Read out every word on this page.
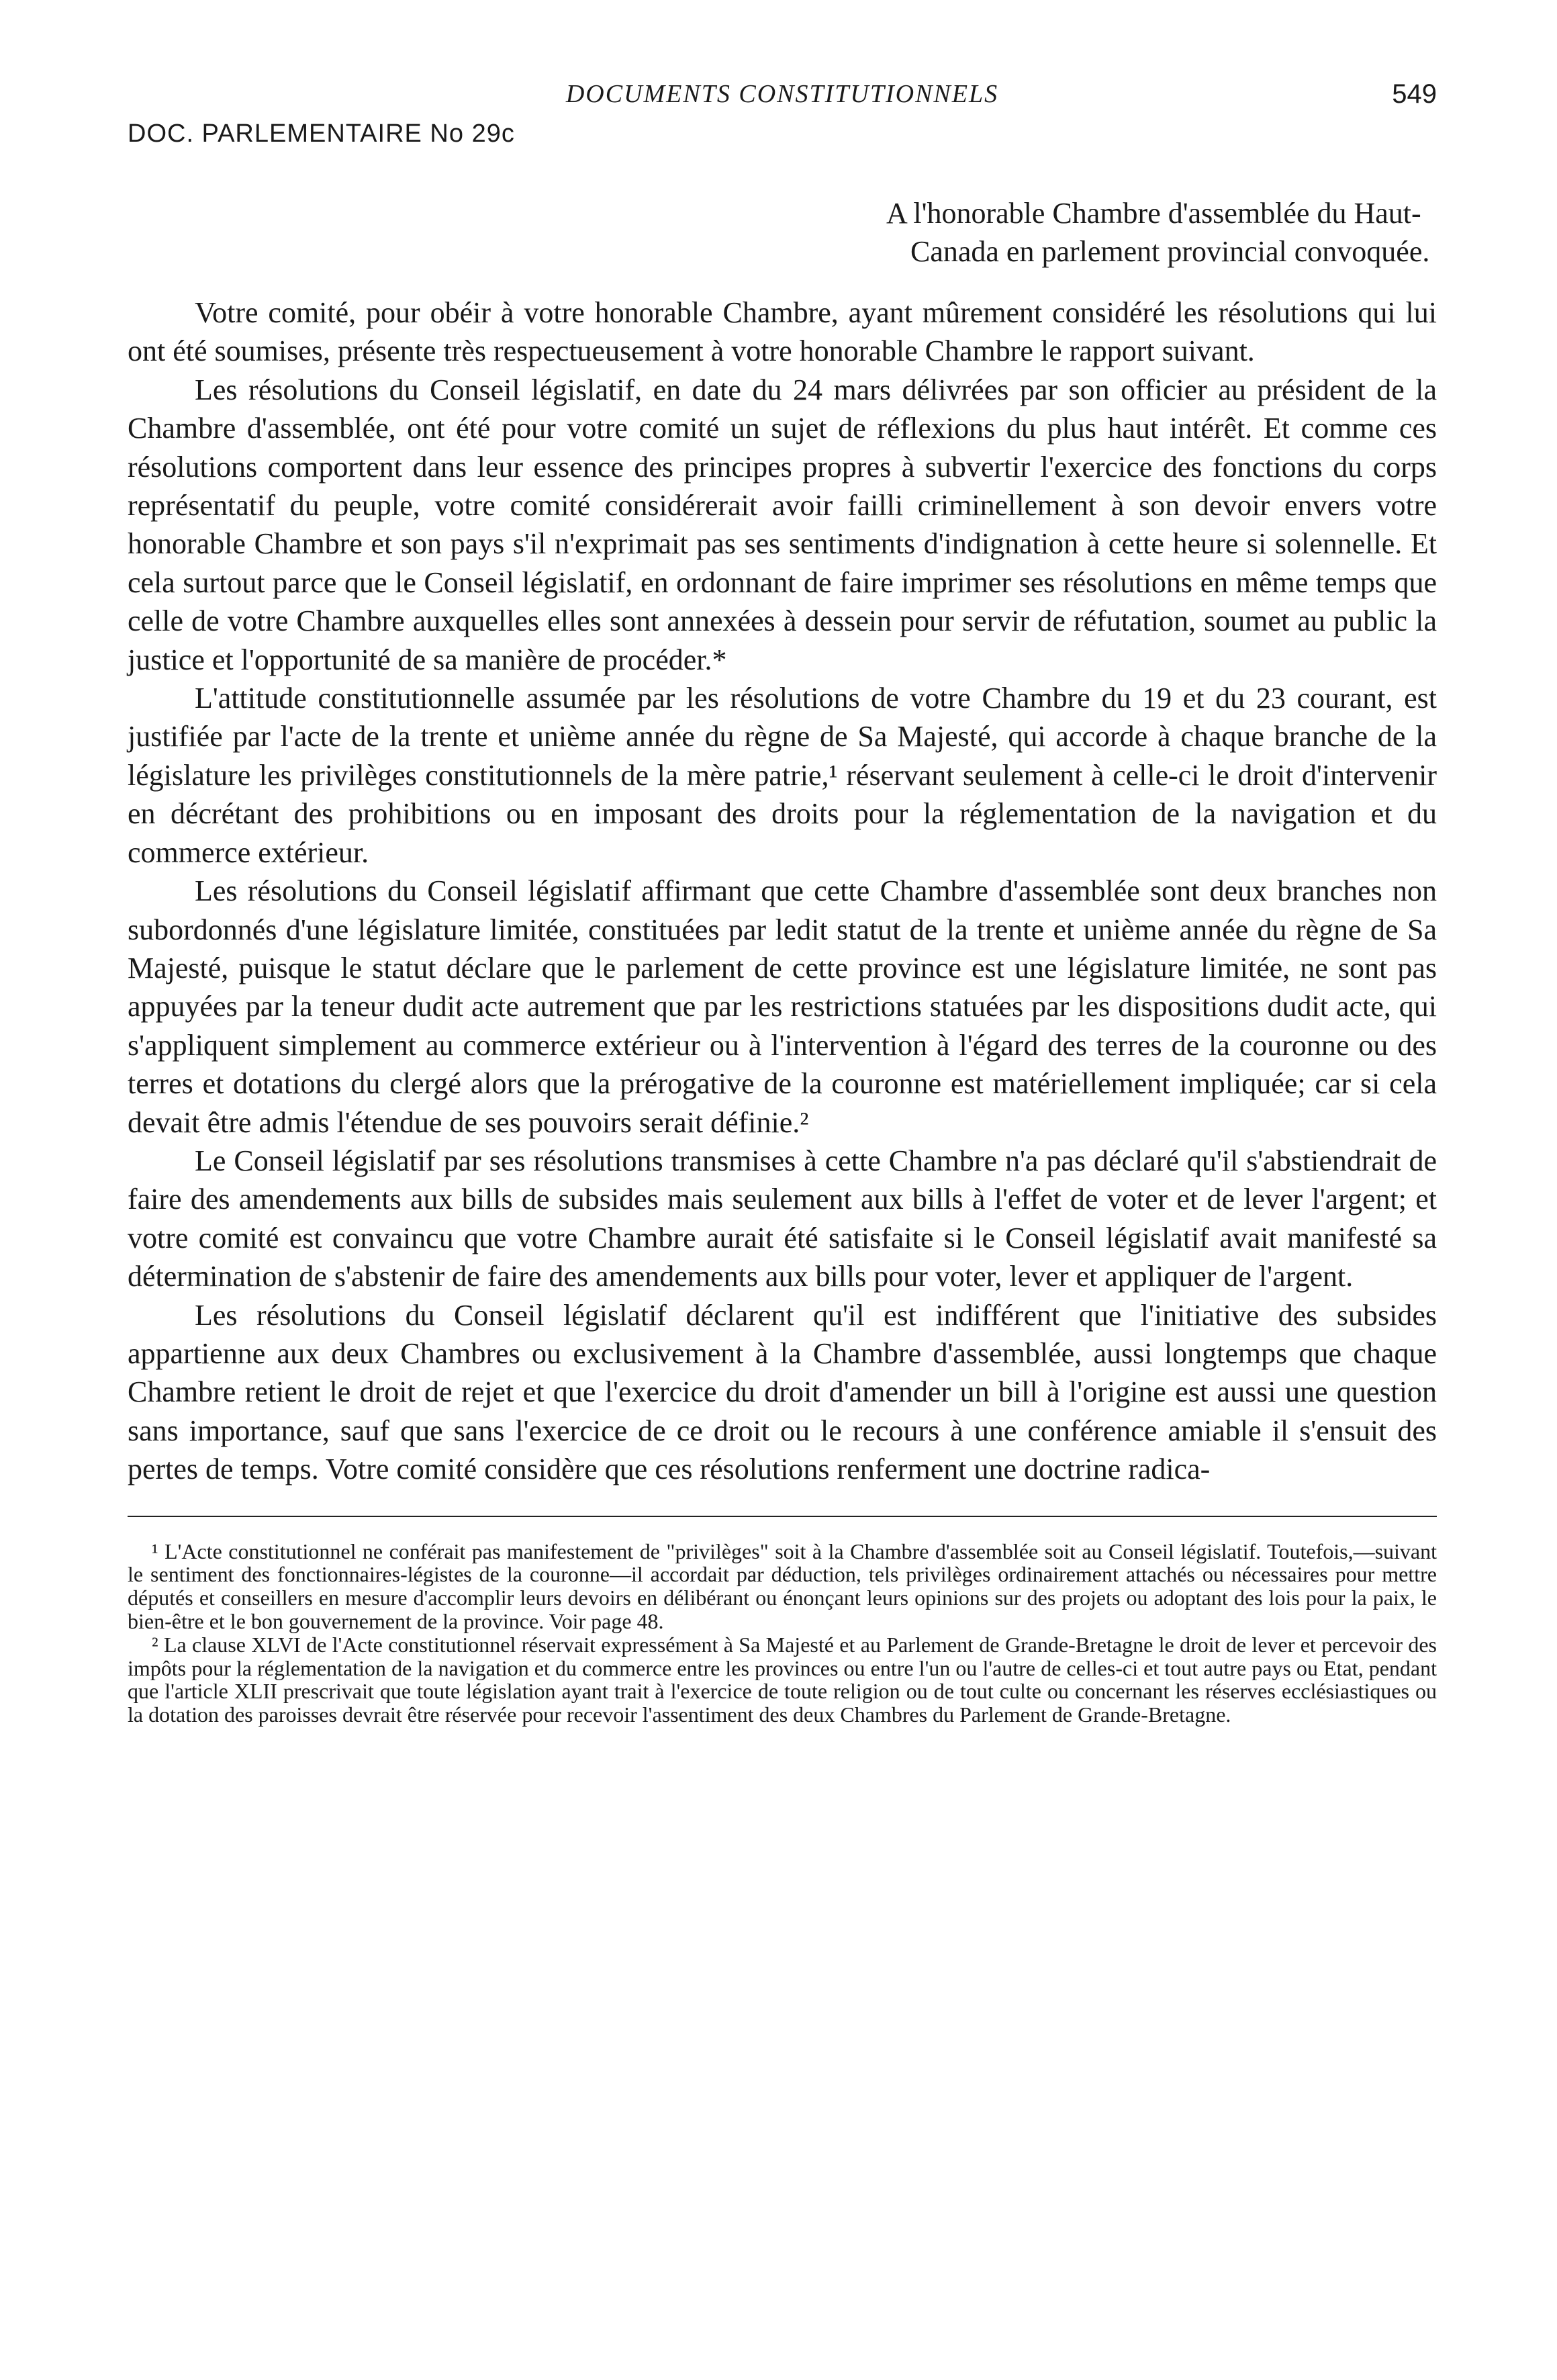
DOCUMENTS CONSTITUTIONNELS	549
DOC. PARLEMENTAIRE No 29c
A l'honorable Chambre d'assemblée du Haut-Canada en parlement provincial convoquée.

Votre comité, pour obéir à votre honorable Chambre, ayant mûrement considéré les résolutions qui lui ont été soumises, présente très respectueusement à votre honorable Chambre le rapport suivant.

Les résolutions du Conseil législatif, en date du 24 mars délivrées par son officier au président de la Chambre d'assemblée, ont été pour votre comité un sujet de réflexions du plus haut intérêt. Et comme ces résolutions comportent dans leur essence des principes propres à subvertir l'exercice des fonctions du corps représentatif du peuple, votre comité considérerait avoir failli criminellement à son devoir envers votre honorable Chambre et son pays s'il n'exprimait pas ses sentiments d'indignation à cette heure si solennelle. Et cela surtout parce que le Conseil législatif, en ordonnant de faire imprimer ses résolutions en même temps que celle de votre Chambre auxquelles elles sont annexées à dessein pour servir de réfutation, soumet au public la justice et l'opportunité de sa manière de procéder.*

L'attitude constitutionnelle assumée par les résolutions de votre Chambre du 19 et du 23 courant, est justifiée par l'acte de la trente et unième année du règne de Sa Majesté, qui accorde à chaque branche de la législature les privilèges constitutionnels de la mère patrie,¹ réservant seulement à celle-ci le droit d'intervenir en décrétant des prohibitions ou en imposant des droits pour la réglementation de la navigation et du commerce extérieur.

Les résolutions du Conseil législatif affirmant que cette Chambre d'assemblée sont deux branches non subordonnés d'une législature limitée, constituées par ledit statut de la trente et unième année du règne de Sa Majesté, puisque le statut déclare que le parlement de cette province est une législature limitée, ne sont pas appuyées par la teneur dudit acte autrement que par les restrictions statuées par les dispositions dudit acte, qui s'appliquent simplement au commerce extérieur ou à l'intervention à l'égard des terres de la couronne ou des terres et dotations du clergé alors que la prérogative de la couronne est matériellement impliquée; car si cela devait être admis l'étendue de ses pouvoirs serait définie.²

Le Conseil législatif par ses résolutions transmises à cette Chambre n'a pas déclaré qu'il s'abstiendrait de faire des amendements aux bills de subsides mais seulement aux bills à l'effet de voter et de lever l'argent; et votre comité est convaincu que votre Chambre aurait été satisfaite si le Conseil législatif avait manifesté sa détermination de s'abstenir de faire des amendements aux bills pour voter, lever et appliquer de l'argent.

Les résolutions du Conseil législatif déclarent qu'il est indifférent que l'initiative des subsides appartienne aux deux Chambres ou exclusivement à la Chambre d'assemblée, aussi longtemps que chaque Chambre retient le droit de rejet et que l'exercice du droit d'amender un bill à l'origine est aussi une question sans importance, sauf que sans l'exercice de ce droit ou le recours à une conférence amiable il s'ensuit des pertes de temps. Votre comité considère que ces résolutions renferment une doctrine radica-

¹ L'Acte constitutionnel ne conférait pas manifestement de "privilèges" soit à la Chambre d'assemblée soit au Conseil législatif. Toutefois,—suivant le sentiment des fonctionnaires-légistes de la couronne—il accordait par déduction, tels privilèges ordinairement attachés ou nécessaires pour mettre députés et conseillers en mesure d'accomplir leurs devoirs en délibérant ou énonçant leurs opinions sur des projets ou adoptant des lois pour la paix, le bien-être et le bon gouvernement de la province. Voir page 48.

² La clause XLVI de l'Acte constitutionnel réservait expressément à Sa Majesté et au Parlement de Grande-Bretagne le droit de lever et percevoir des impôts pour la réglementation de la navigation et du commerce entre les provinces ou entre l'un ou l'autre de celles-ci et tout autre pays ou Etat, pendant que l'article XLII prescrivait que toute législation ayant trait à l'exercice de toute religion ou de tout culte ou concernant les réserves ecclésiastiques ou la dotation des paroisses devrait être réservée pour recevoir l'assentiment des deux Chambres du Parlement de Grande-Bretagne.
